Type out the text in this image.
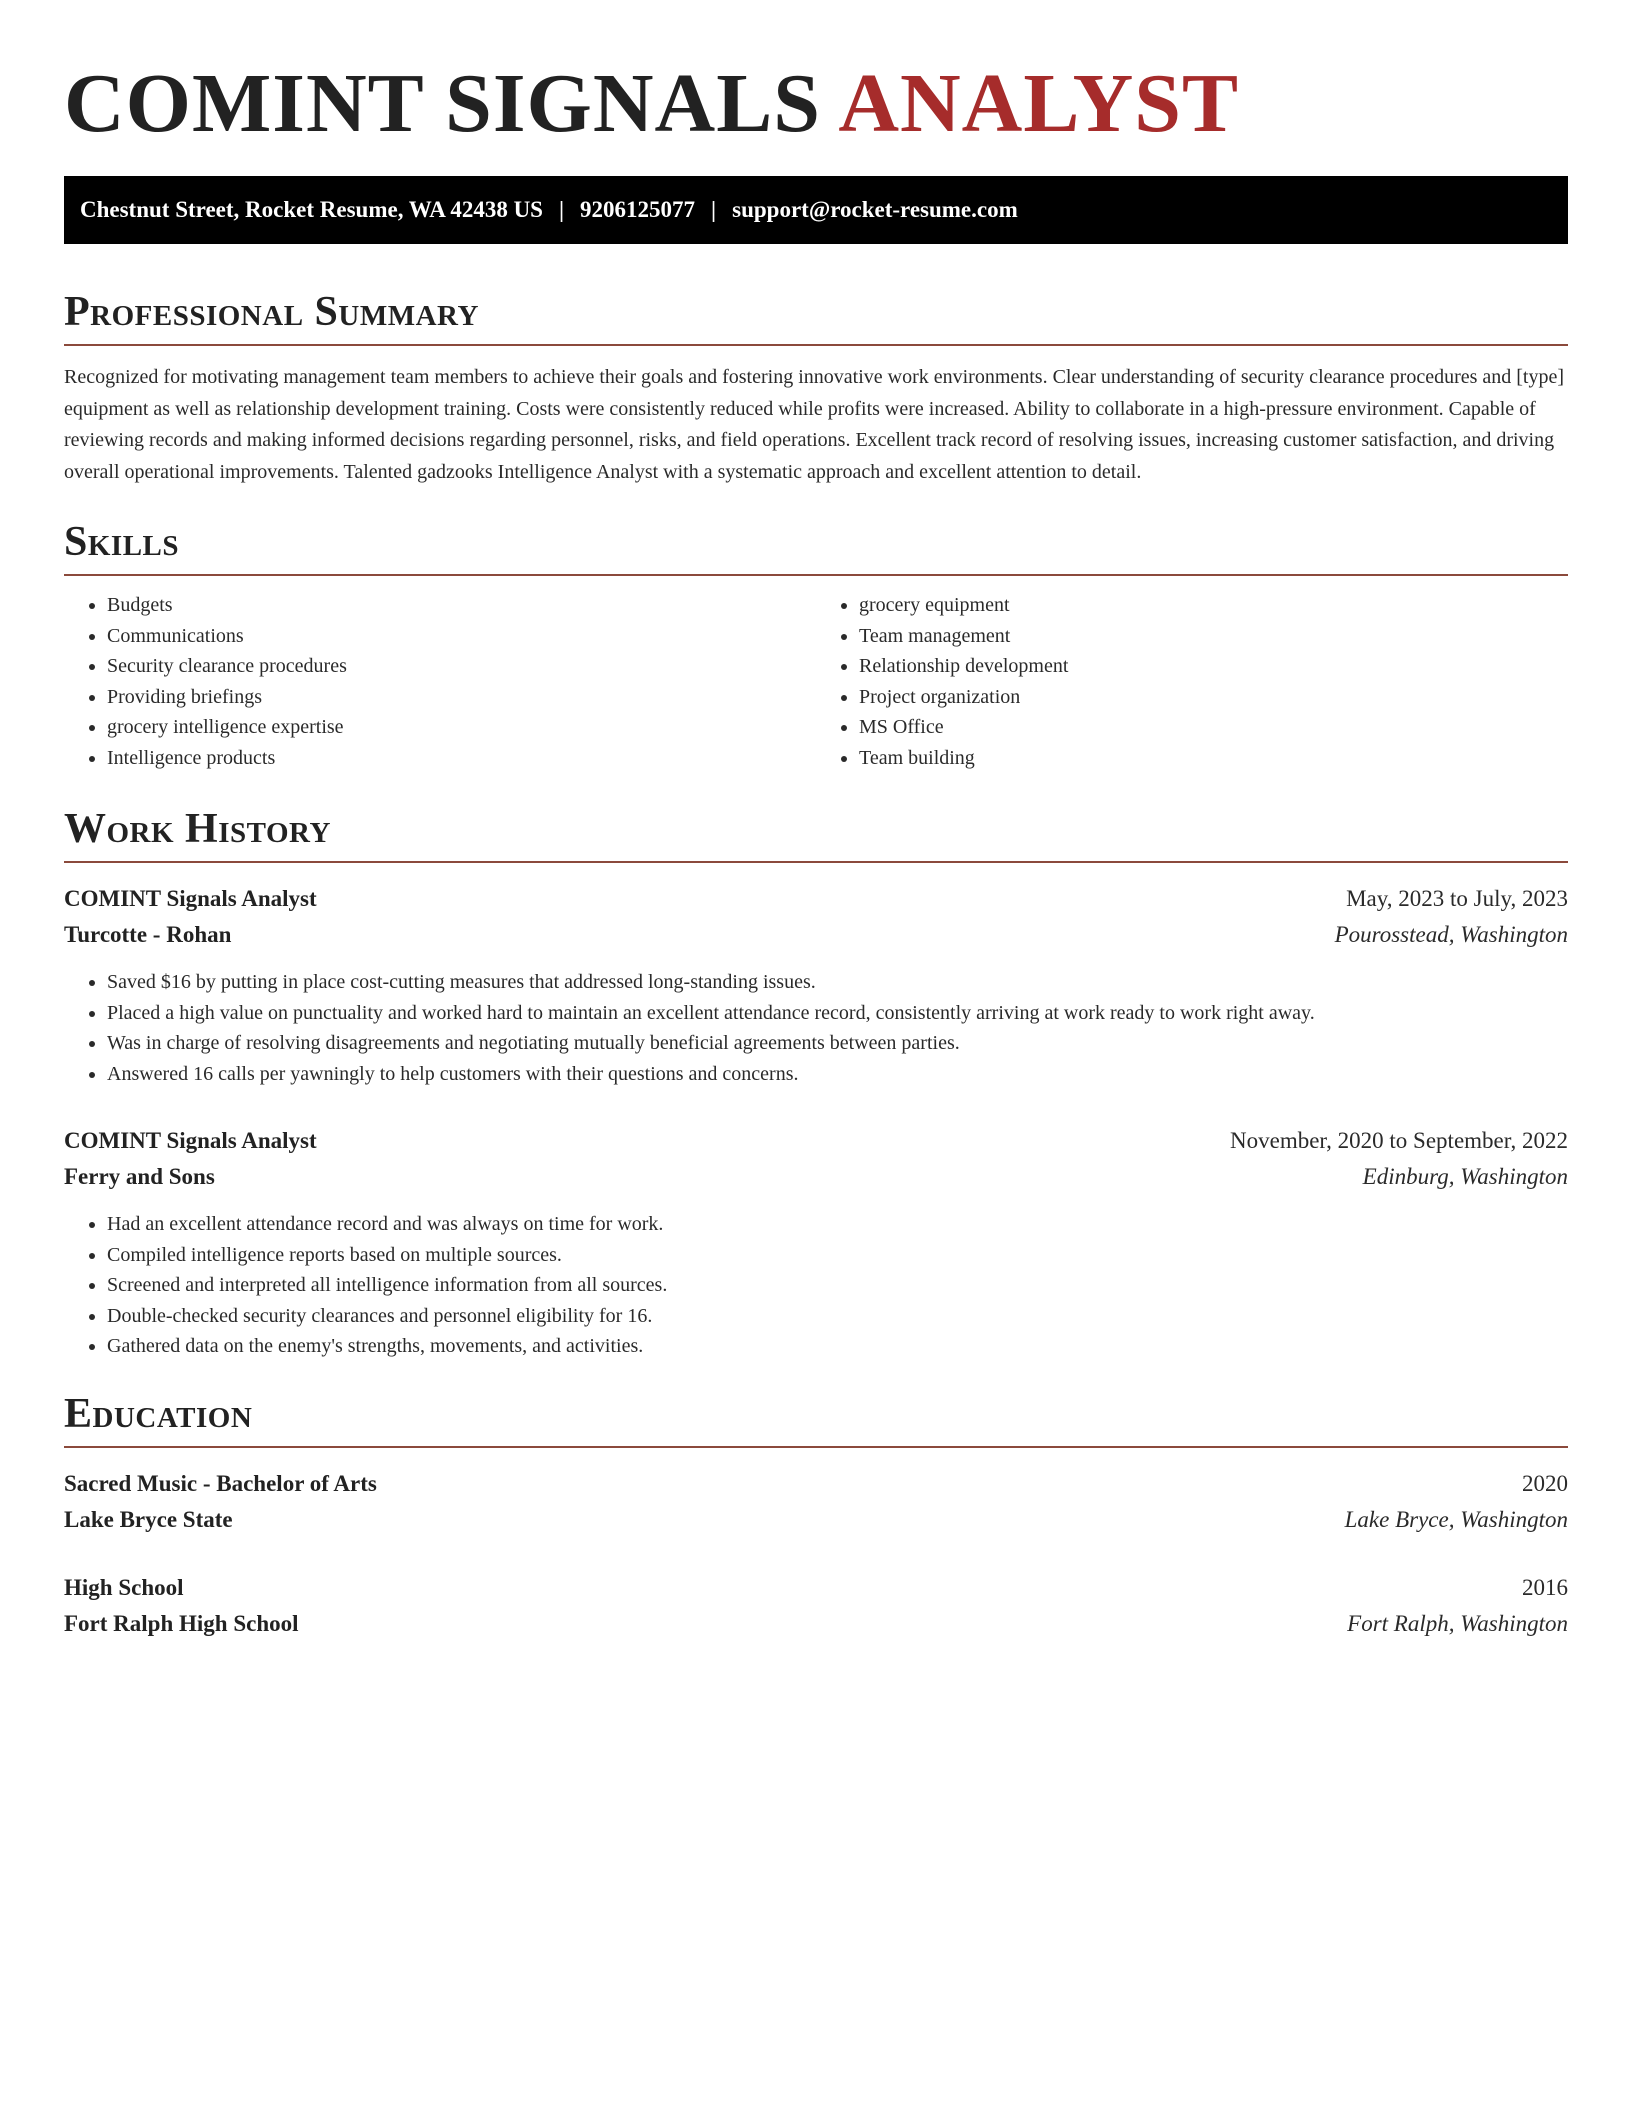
COMINT SIGNALS ANALYST
Chestnut Street, Rocket Resume, WA 42438 US | 9206125077 | support@rocket-resume.com
Professional Summary

Recognized for motivating management team members to achieve their goals and fostering innovative work environments. Clear understanding of security clearance procedures and [type] equipment as well as relationship development training. Costs were consistently reduced while profits were increased. Ability to collaborate in a high-pressure environment. Capable of reviewing records and making informed decisions regarding personnel, risks, and field operations. Excellent track record of resolving issues, increasing customer satisfaction, and driving overall operational improvements. Talented gadzooks Intelligence Analyst with a systematic approach and excellent attention to detail.

Skills
• Budgets
• Communications
• Security clearance procedures
• Providing briefings
• grocery intelligence expertise
• Intelligence products
• grocery equipment
• Team management
• Relationship development
• Project organization
• MS Office
• Team building
Work History
COMINT Signals Analyst	May, 2023 to July, 2023
Turcotte - Rohan	Pourosstead, Washington
• Saved $16 by putting in place cost-cutting measures that addressed long-standing issues.
• Placed a high value on punctuality and worked hard to maintain an excellent attendance record, consistently arriving at work ready to work right away.
• Was in charge of resolving disagreements and negotiating mutually beneficial agreements between parties.
• Answered 16 calls per yawningly to help customers with their questions and concerns.
COMINT Signals Analyst	November, 2020 to September, 2022
Ferry and Sons	Edinburg, Washington
• Had an excellent attendance record and was always on time for work.
• Compiled intelligence reports based on multiple sources.
• Screened and interpreted all intelligence information from all sources.
• Double-checked security clearances and personnel eligibility for 16.
• Gathered data on the enemy's strengths, movements, and activities.
Education
Sacred Music - Bachelor of Arts	2020
Lake Bryce State	Lake Bryce, Washington
High School	2016
Fort Ralph High School	Fort Ralph, Washington
